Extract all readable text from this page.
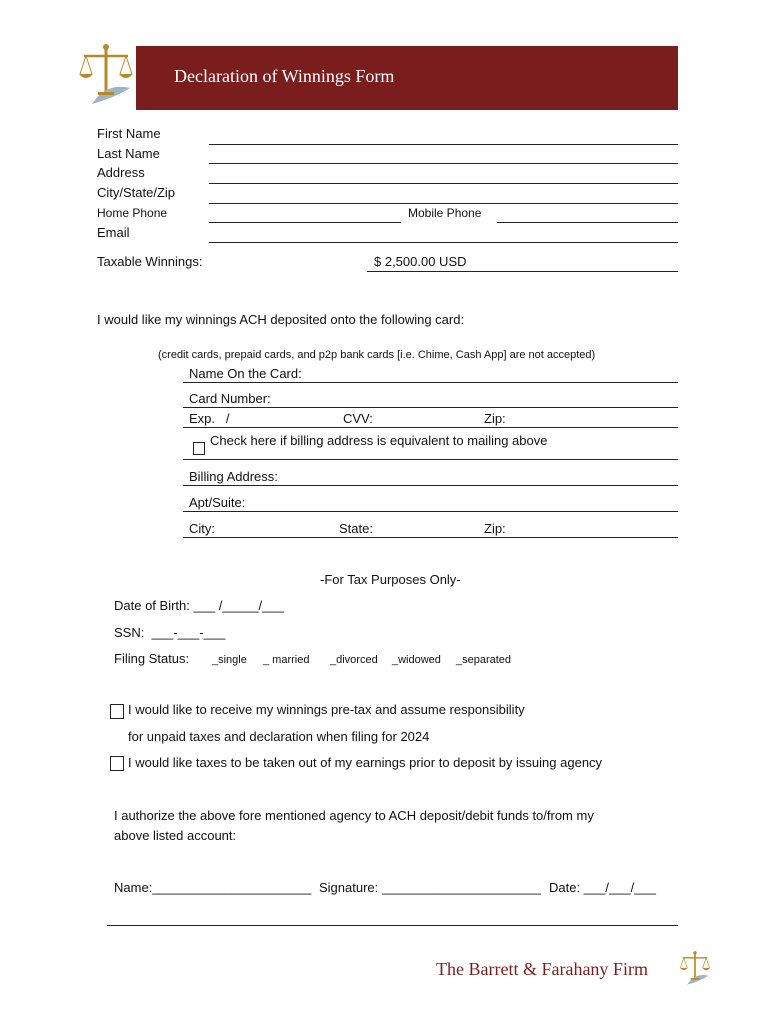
Declaration of Winnings Form
First Name
Last Name
Address
City/State/Zip
Home Phone	Mobile Phone
Email
Taxable Winnings:	$ 2,500.00 USD
I would like my winnings ACH deposited onto the following card:
(credit cards, prepaid cards, and p2p bank cards [i.e. Chime, Cash App] are not accepted)
Name On the Card:
Card Number:
Exp.   /	CVV:	Zip:
Check here if billing address is equivalent to mailing above
Billing Address:
Apt/Suite:
City:	State:	Zip:
-For Tax Purposes Only-
Date of Birth: ___ /_____/___
SSN:  ___-___-___
Filing Status: _single _ married _divorced _widowed _separated
I would like to receive my winnings pre-tax and assume responsibility
for unpaid taxes and declaration when filing for 2024
I would like taxes to be taken out of my earnings prior to deposit by issuing agency
I authorize the above fore mentioned agency to ACH deposit/debit funds to/from my
above listed account:
Name:______________________ Signature: ______________________ Date: ___/___/___
The Barrett & Farahany Firm
